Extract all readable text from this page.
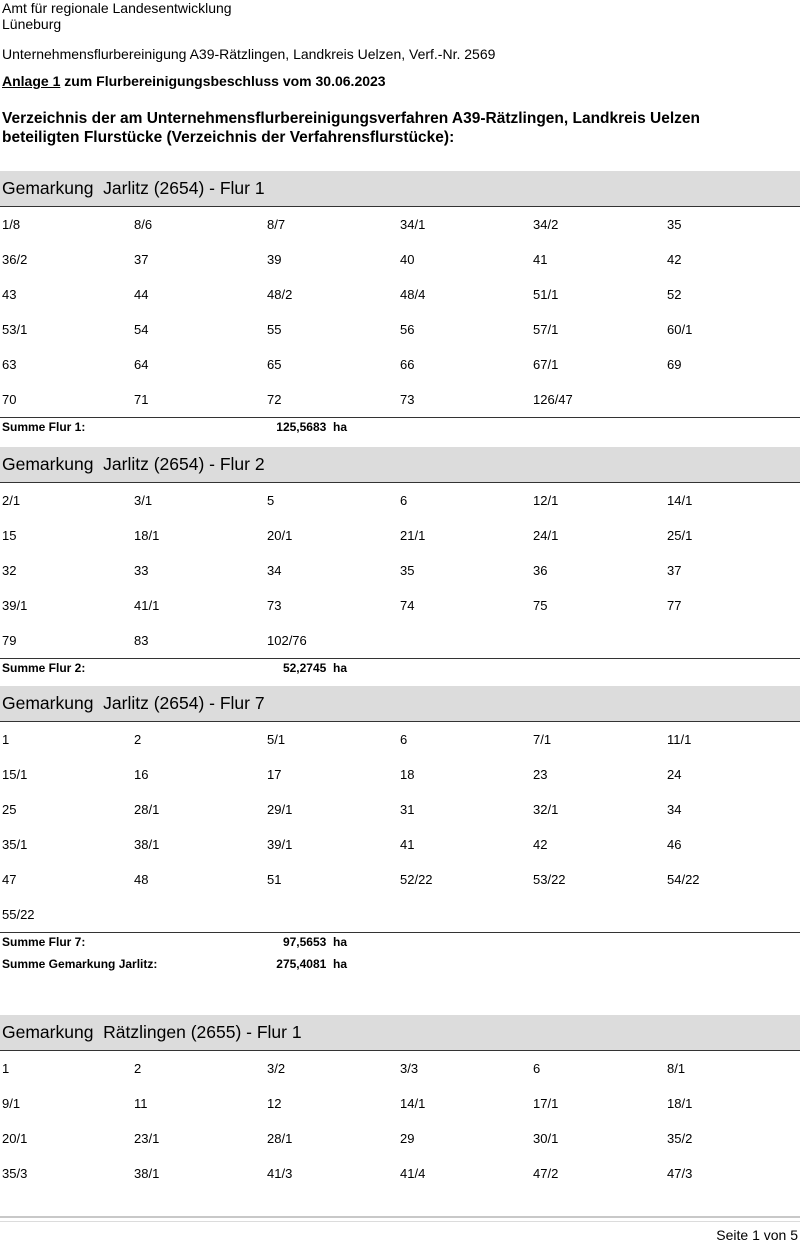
Amt für regionale Landesentwicklung
Lüneburg
Unternehmensflurbereinigung A39-Rätzlingen, Landkreis Uelzen, Verf.-Nr. 2569
Anlage 1 zum Flurbereinigungsbeschluss vom 30.06.2023
Verzeichnis der am Unternehmensflurbereinigungsverfahren A39-Rätzlingen, Landkreis Uelzen
beteiligten Flurstücke (Verzeichnis der Verfahrensflurstücke):
Gemarkung  Jarlitz (2654) - Flur 1
1/8	8/6	8/7	34/1	34/2	35
36/2	37	39	40	41	42
43	44	48/2	48/4	51/1	52
53/1	54	55	56	57/1	60/1
63	64	65	66	67/1	69
70	71	72	73	126/47
Summe Flur 1:	125,5683  ha
Gemarkung  Jarlitz (2654) - Flur 2
2/1	3/1	5	6	12/1	14/1
15	18/1	20/1	21/1	24/1	25/1
32	33	34	35	36	37
39/1	41/1	73	74	75	77
79	83	102/76
Summe Flur 2:	52,2745  ha
Gemarkung  Jarlitz (2654) - Flur 7
1	2	5/1	6	7/1	11/1
15/1	16	17	18	23	24
25	28/1	29/1	31	32/1	34
35/1	38/1	39/1	41	42	46
47	48	51	52/22	53/22	54/22
55/22
Summe Flur 7:	97,5653  ha
Summe Gemarkung Jarlitz:	275,4081  ha
Gemarkung  Rätzlingen (2655) - Flur 1
1	2	3/2	3/3	6	8/1
9/1	11	12	14/1	17/1	18/1
20/1	23/1	28/1	29	30/1	35/2
35/3	38/1	41/3	41/4	47/2	47/3
Seite 1 von 5
